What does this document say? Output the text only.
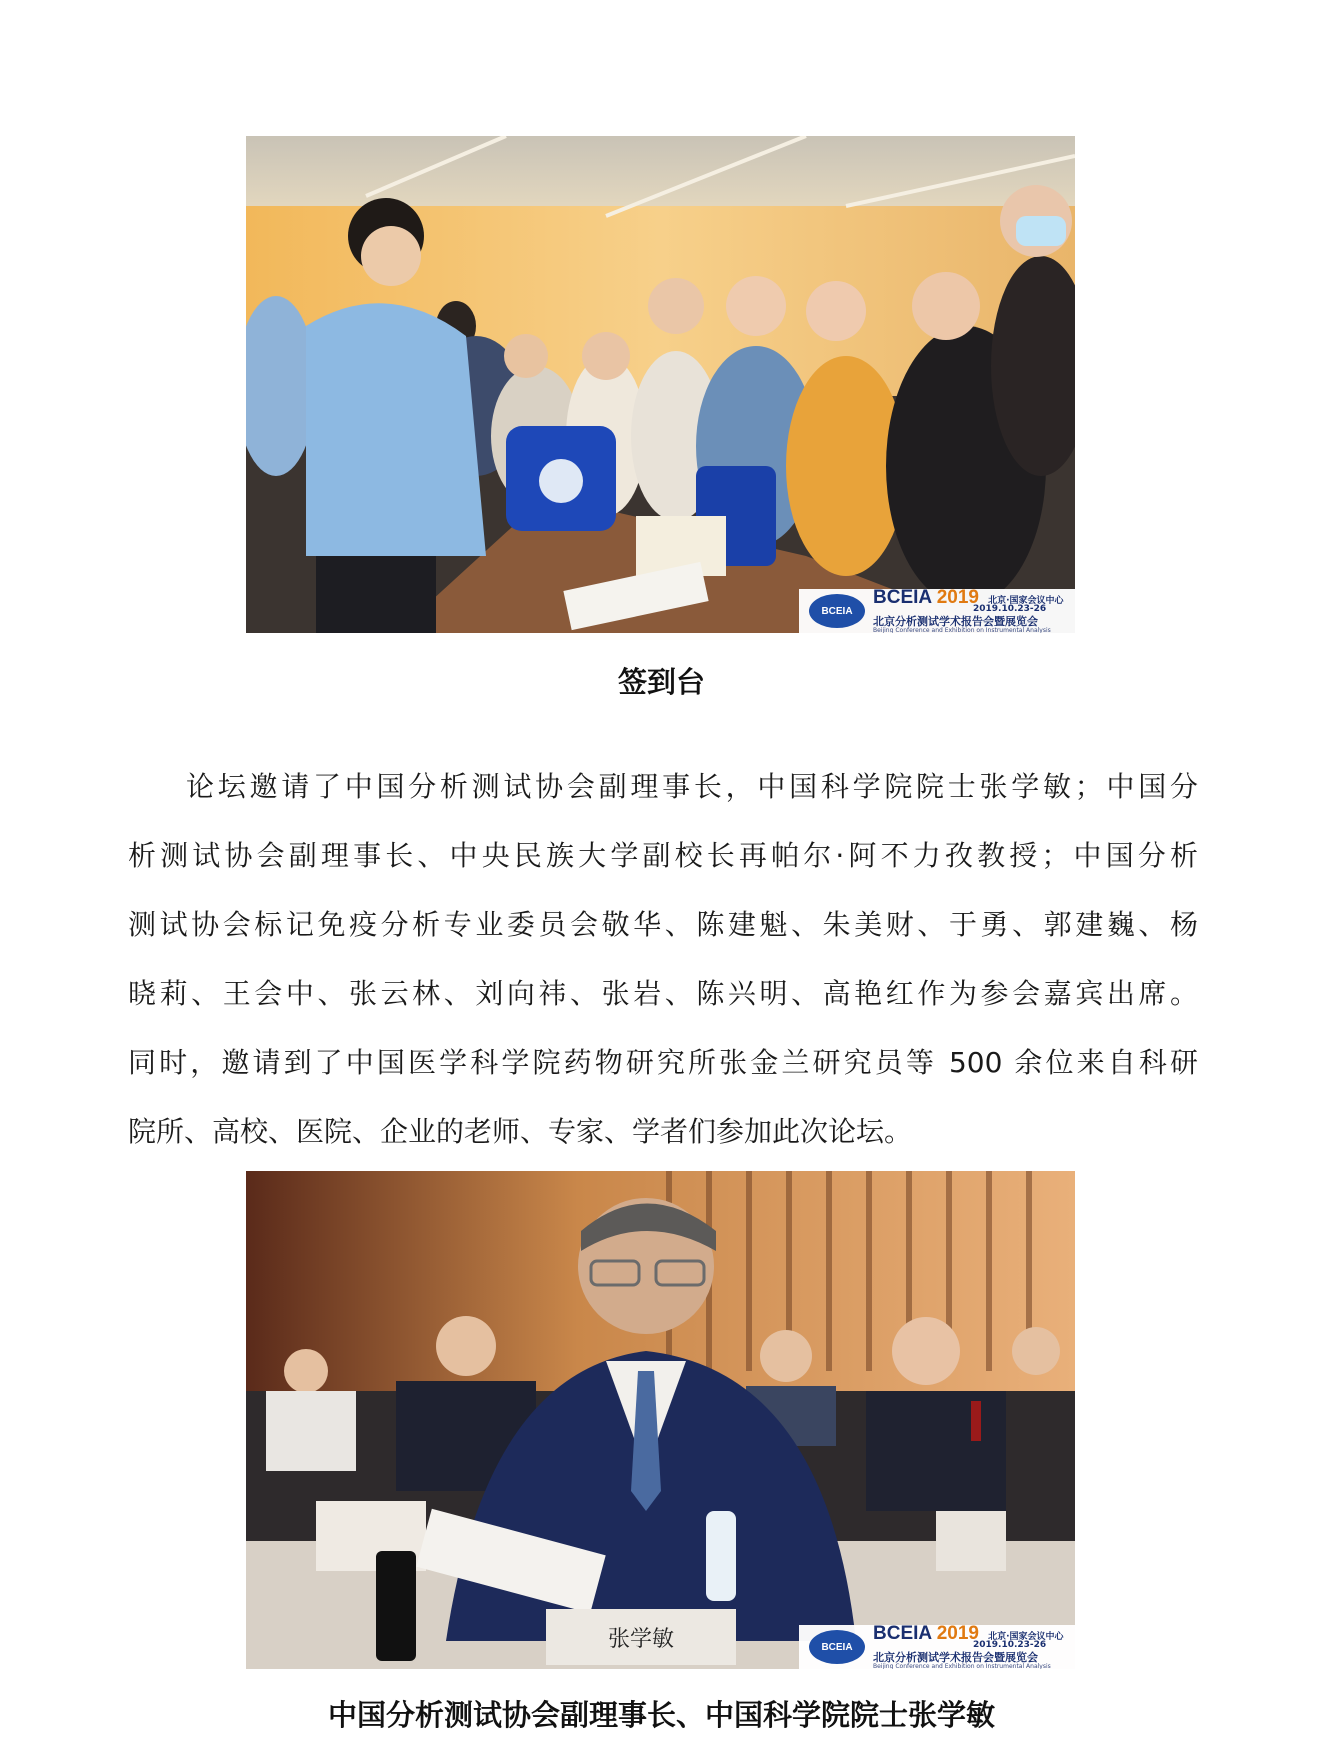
BCEIA
BCEIA 2019 北京·国家会议中心
2019.10.23-26
北京分析测试学术报告会暨展览会
Beijing Conference and Exhibition on Instrumental Analysis
签到台
论坛邀请了中国分析测试协会副理事长，中国科学院院士张学敏；中国分
析测试协会副理事长、中央民族大学副校长再帕尔·阿不力孜教授；中国分析
测试协会标记免疫分析专业委员会敬华、陈建魁、朱美财、于勇、郭建巍、杨
晓莉、王会中、张云林、刘向祎、张岩、陈兴明、高艳红作为参会嘉宾出席。
同时，邀请到了中国医学科学院药物研究所张金兰研究员等 500 余位来自科研
院所、高校、医院、企业的老师、专家、学者们参加此次论坛。
张学敏	BCEIA
BCEIA 2019 北京·国家会议中心
2019.10.23-26
北京分析测试学术报告会暨展览会
Beijing Conference and Exhibition on Instrumental Analysis
中国分析测试协会副理事长、中国科学院院士张学敏
